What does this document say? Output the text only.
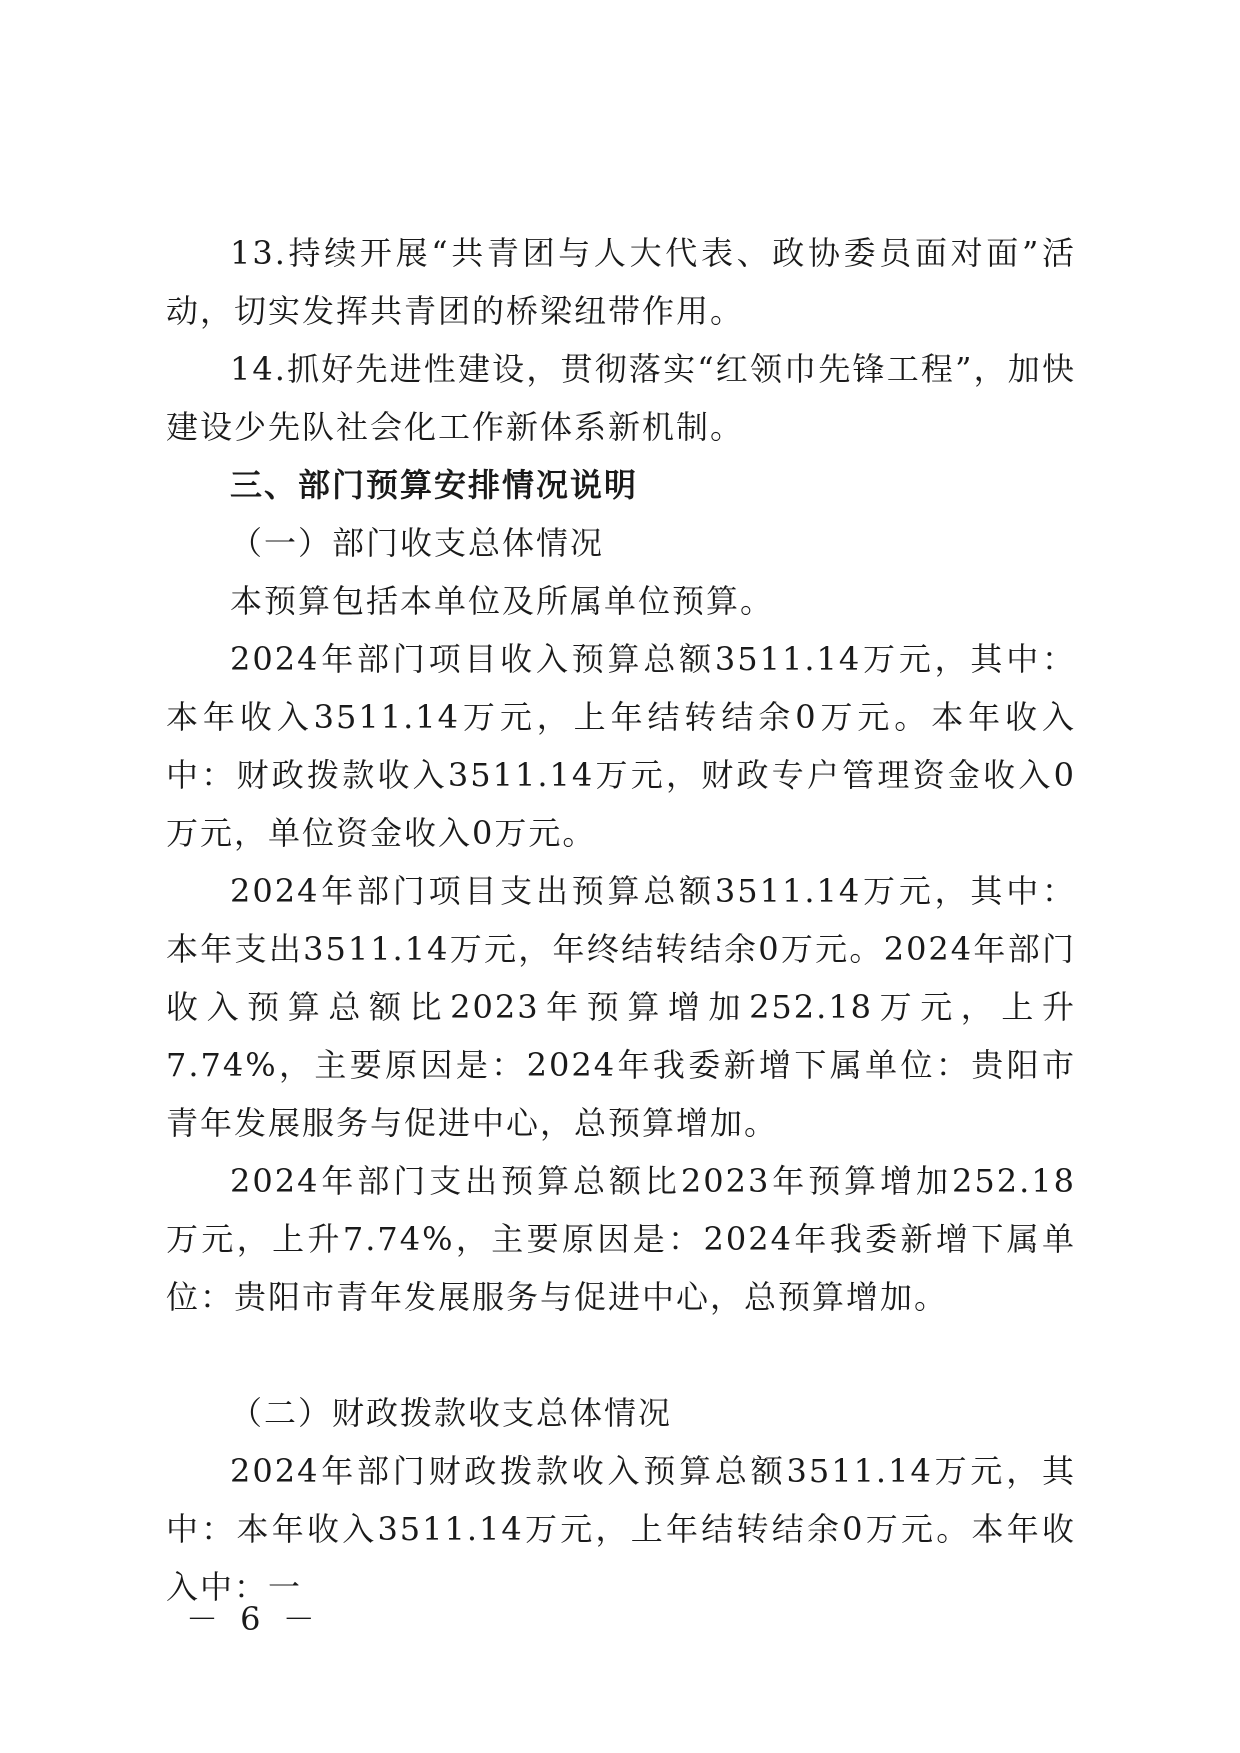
13.持续开展“共青团与人大代表、政协委员面对面”活动，切实发挥共青团的桥梁纽带作用。

14.抓好先进性建设，贯彻落实“红领巾先锋工程”，加快建设少先队社会化工作新体系新机制。

三、部门预算安排情况说明

（一）部门收支总体情况

本预算包括本单位及所属单位预算。

2024年部门项目收入预算总额3511.14万元，其中：本年收入3511.14万元，上年结转结余0万元。本年收入中：财政拨款收入3511.14万元，财政专户管理资金收入0万元，单位资金收入0万元。

2024年部门项目支出预算总额3511.14万元，其中：本年支出3511.14万元，年终结转结余0万元。2024年部门收入预算总额比2023年预算增加252.18万元，上升7.74%，主要原因是：2024年我委新增下属单位：贵阳市青年发展服务与促进中心，总预算增加。

2024年部门支出预算总额比2023年预算增加252.18万元，上升7.74%，主要原因是：2024年我委新增下属单位：贵阳市青年发展服务与促进中心，总预算增加。

（二）财政拨款收支总体情况

2024年部门财政拨款收入预算总额3511.14万元，其中：本年收入3511.14万元，上年结转结余0万元。本年收入中：一

－ 6 －
